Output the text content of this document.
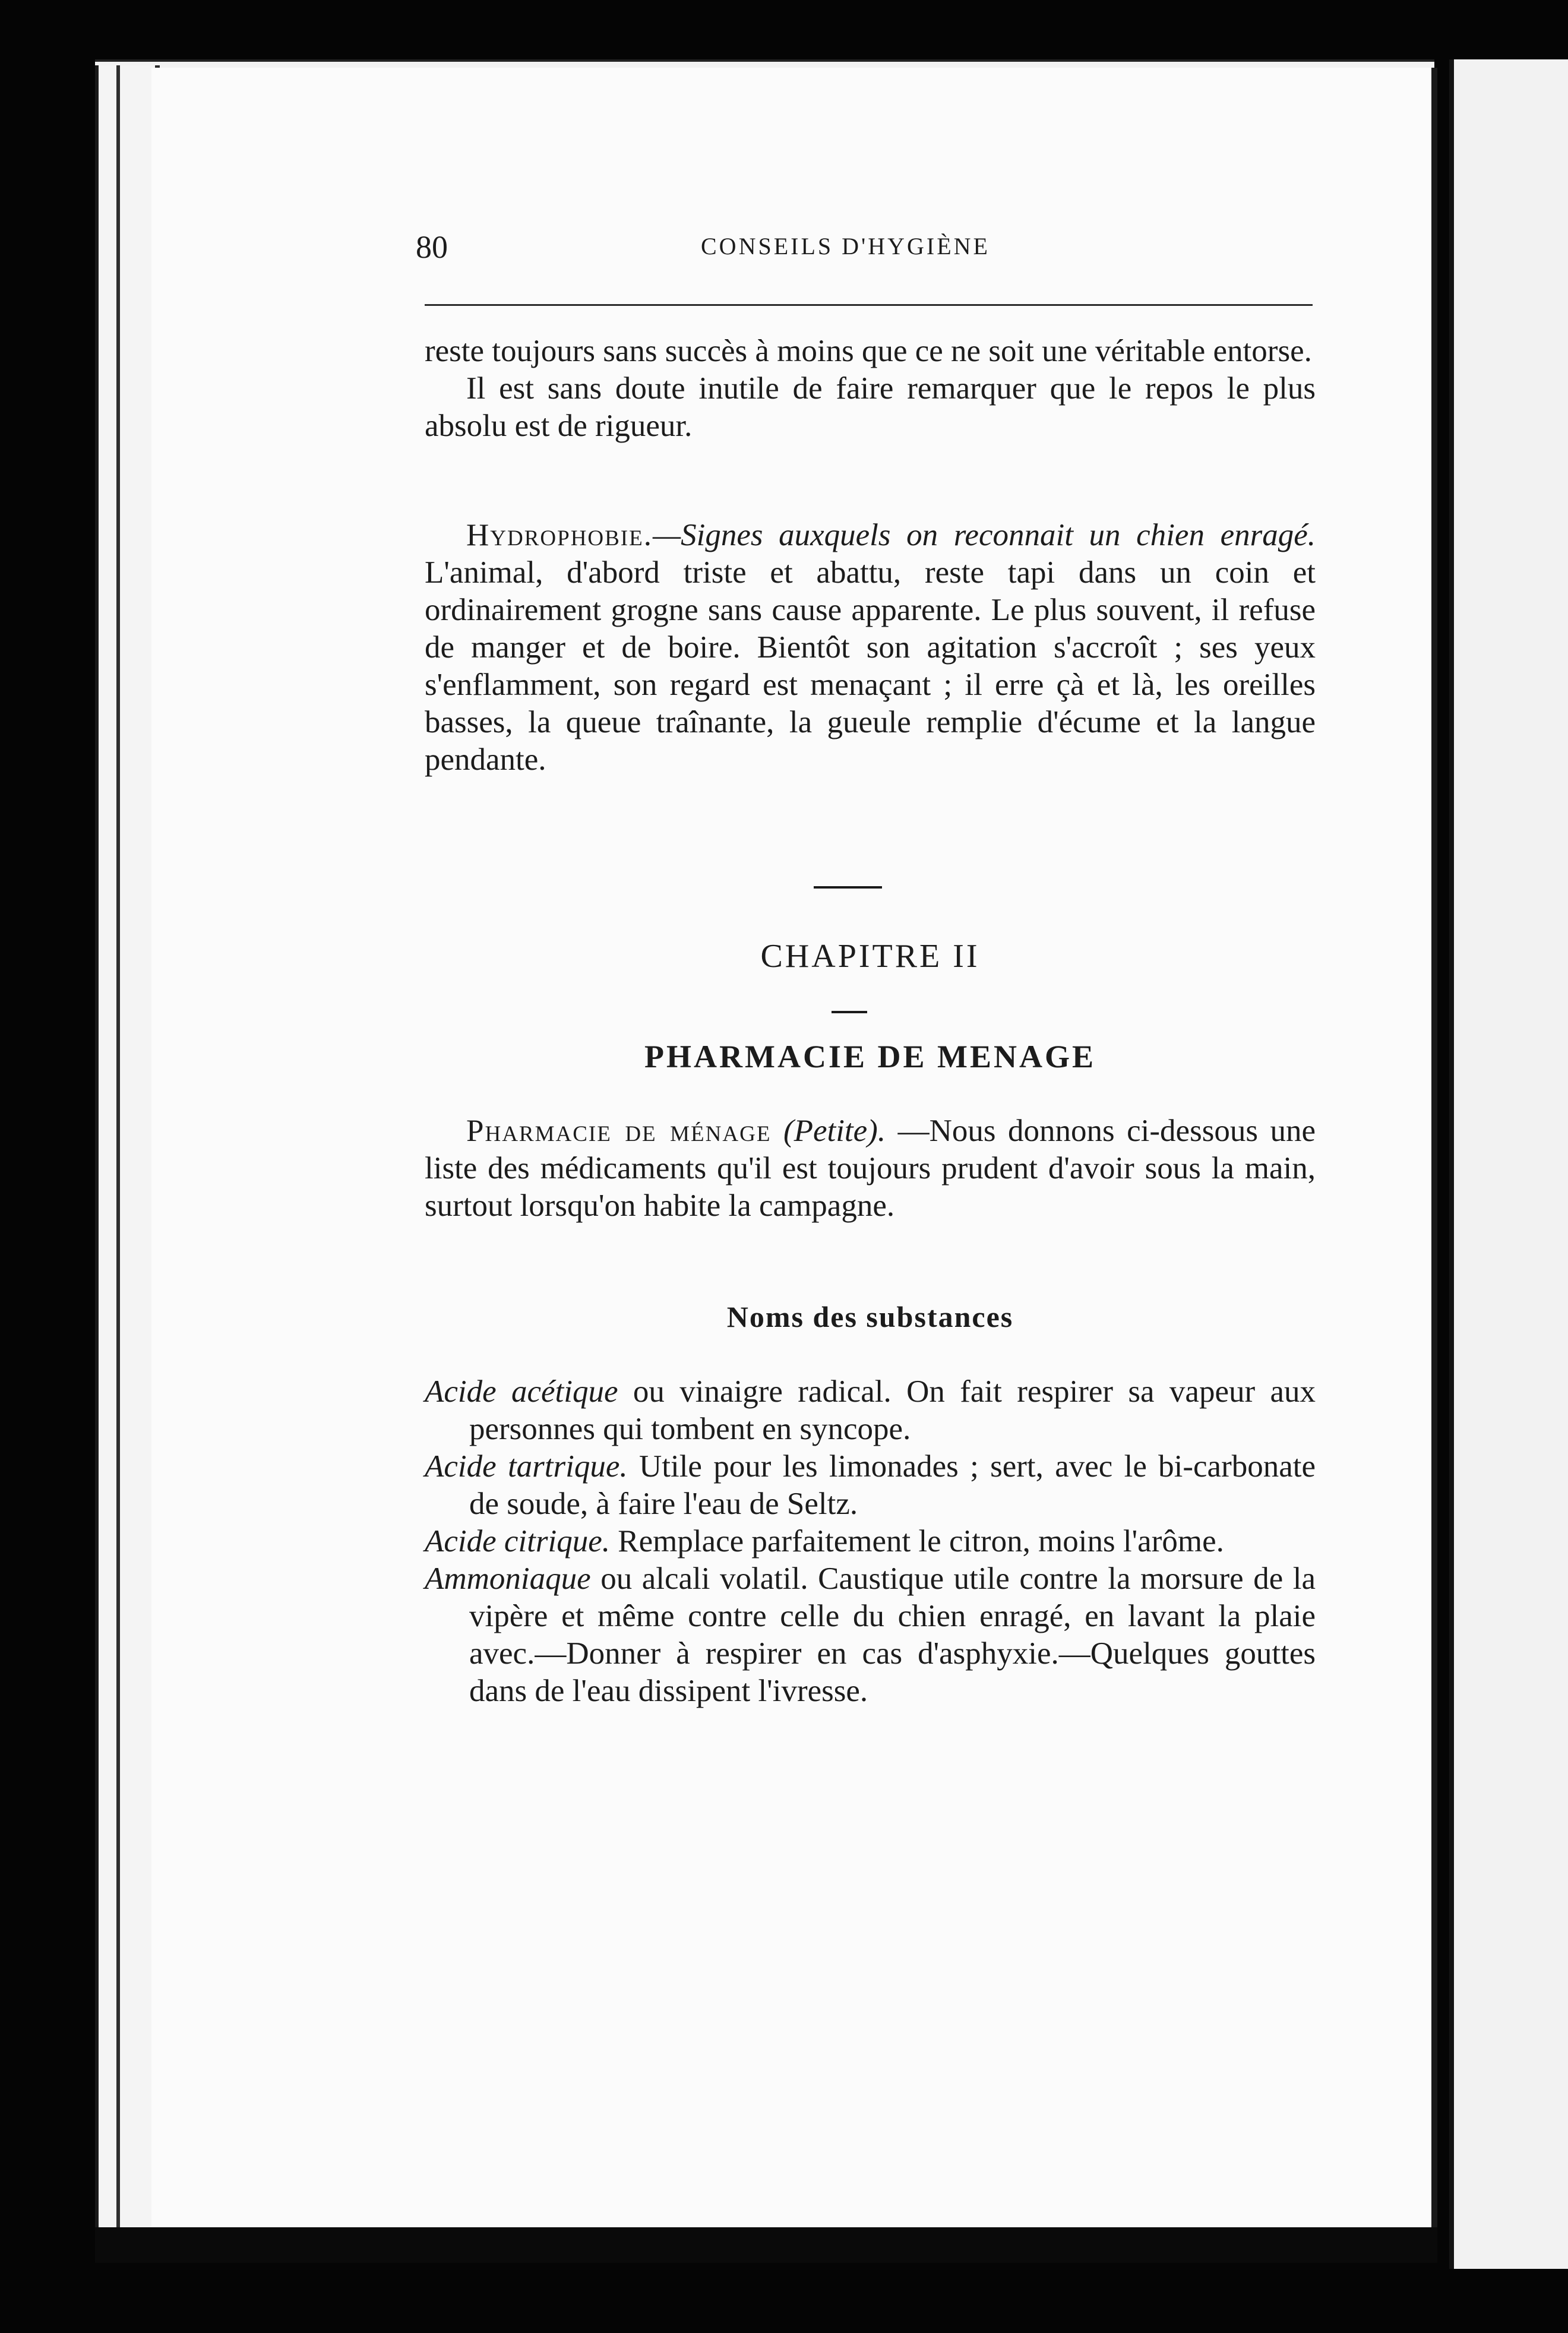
80	CONSEILS D'HYGIÈNE

reste toujours sans succès à moins que ce ne soit une véritable entorse.

Il est sans doute inutile de faire remarquer que le repos le plus absolu est de rigueur.

Hydrophobie.—Signes auxquels on reconnait un chien enragé. L'animal, d'abord triste et abattu, reste tapi dans un coin et ordinairement grogne sans cause apparente. Le plus souvent, il refuse de manger et de boire. Bientôt son agitation s'accroît ; ses yeux s'enflamment, son regard est menaçant ; il erre çà et là, les oreilles basses, la queue traînante, la gueule remplie d'écume et la langue pendante.

CHAPITRE II
PHARMACIE DE MENAGE

Pharmacie de ménage (Petite). —Nous donnons ci-dessous une liste des médicaments qu'il est toujours prudent d'avoir sous la main, surtout lorsqu'on habite la campagne.

Noms des substances

Acide acétique ou vinaigre radical. On fait respirer sa vapeur aux personnes qui tombent en syncope.

Acide tartrique. Utile pour les limonades ; sert, avec le bi-carbonate de soude, à faire l'eau de Seltz.

Acide citrique. Remplace parfaitement le citron, moins l'arôme.

Ammoniaque ou alcali volatil. Caustique utile contre la morsure de la vipère et même contre celle du chien enragé, en lavant la plaie avec.—Donner à respirer en cas d'asphyxie.—Quelques gouttes dans de l'eau dissipent l'ivresse.
